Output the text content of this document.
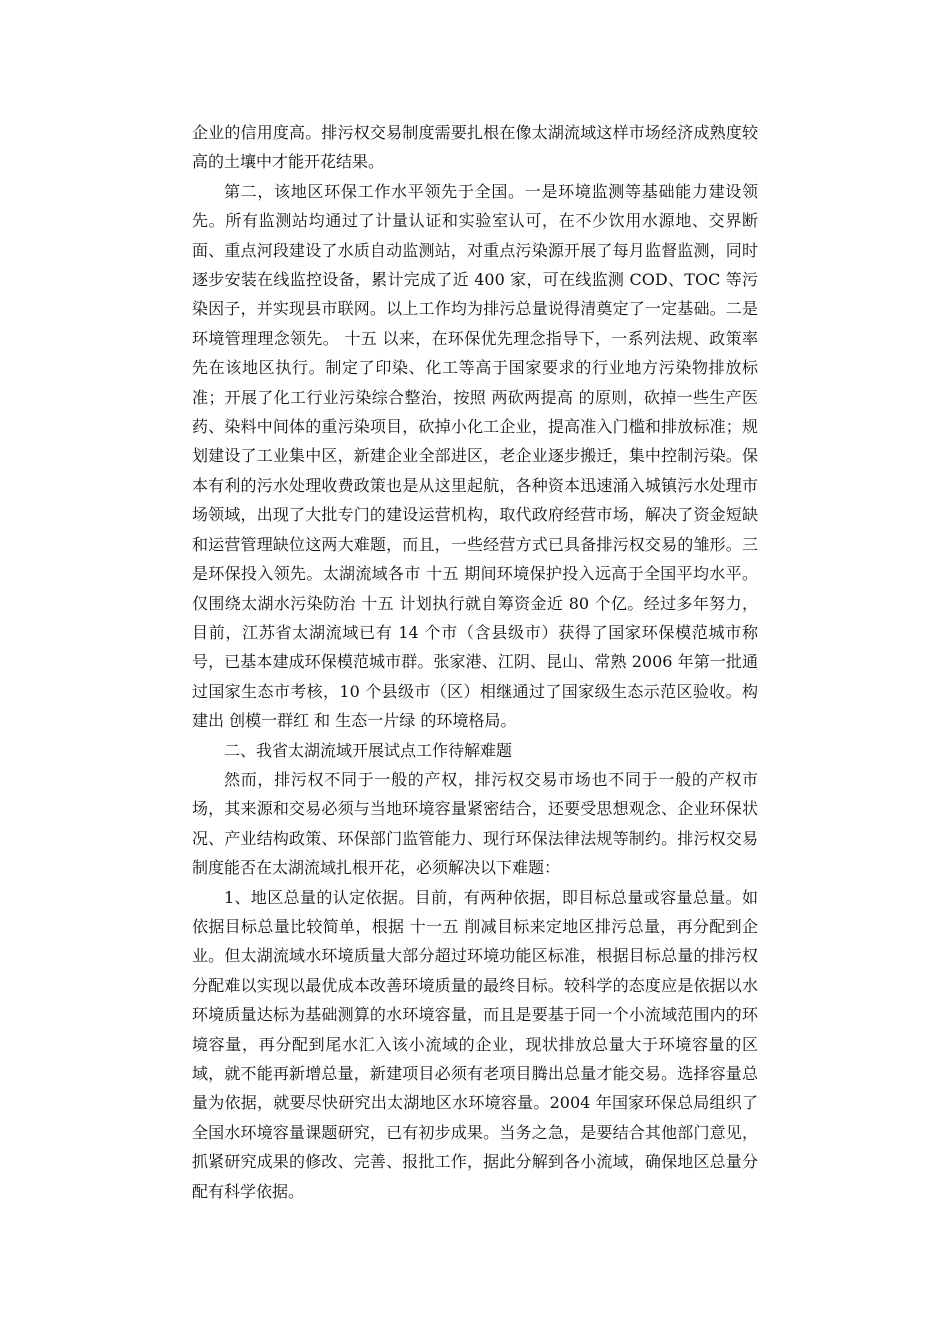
企业的信用度高。排污权交易制度需要扎根在像太湖流域这样市场经济成熟度较高的土壤中才能开花结果。

第二，该地区环保工作水平领先于全国。一是环境监测等基础能力建设领先。所有监测站均通过了计量认证和实验室认可，在不少饮用水源地、交界断面、重点河段建设了水质自动监测站，对重点污染源开展了每月监督监测，同时逐步安装在线监控设备，累计完成了近 400 家，可在线监测 COD、TOC 等污染因子，并实现县市联网。以上工作均为排污总量说得清奠定了一定基础。二是环境管理理念领先。 十五 以来，在环保优先理念指导下，一系列法规、政策率先在该地区执行。制定了印染、化工等高于国家要求的行业地方污染物排放标准；开展了化工行业污染综合整治，按照 两砍两提高 的原则，砍掉一些生产医药、染料中间体的重污染项目，砍掉小化工企业，提高准入门槛和排放标准；规划建设了工业集中区，新建企业全部进区，老企业逐步搬迁，集中控制污染。保本有利的污水处理收费政策也是从这里起航，各种资本迅速涌入城镇污水处理市场领域，出现了大批专门的建设运营机构，取代政府经营市场，解决了资金短缺和运营管理缺位这两大难题，而且，一些经营方式已具备排污权交易的雏形。三是环保投入领先。太湖流域各市 十五 期间环境保护投入远高于全国平均水平。仅围绕太湖水污染防治 十五 计划执行就自筹资金近 80 个亿。经过多年努力，目前，江苏省太湖流域已有 14 个市（含县级市）获得了国家环保模范城市称号，已基本建成环保模范城市群。张家港、江阴、昆山、常熟 2006 年第一批通过国家生态市考核，10 个县级市（区）相继通过了国家级生态示范区验收。构建出 创模一群红 和 生态一片绿 的环境格局。

二、我省太湖流域开展试点工作待解难题

然而，排污权不同于一般的产权，排污权交易市场也不同于一般的产权市场，其来源和交易必须与当地环境容量紧密结合，还要受思想观念、企业环保状况、产业结构政策、环保部门监管能力、现行环保法律法规等制约。排污权交易制度能否在太湖流域扎根开花，必须解决以下难题：

1、地区总量的认定依据。目前，有两种依据，即目标总量或容量总量。如依据目标总量比较简单，根据 十一五 削减目标来定地区排污总量，再分配到企业。但太湖流域水环境质量大部分超过环境功能区标准，根据目标总量的排污权分配难以实现以最优成本改善环境质量的最终目标。较科学的态度应是依据以水环境质量达标为基础测算的水环境容量，而且是要基于同一个小流域范围内的环境容量，再分配到尾水汇入该小流域的企业，现状排放总量大于环境容量的区域，就不能再新增总量，新建项目必须有老项目腾出总量才能交易。选择容量总量为依据，就要尽快研究出太湖地区水环境容量。2004 年国家环保总局组织了全国水环境容量课题研究，已有初步成果。当务之急，是要结合其他部门意见，抓紧研究成果的修改、完善、报批工作，据此分解到各小流域，确保地区总量分配有科学依据。
